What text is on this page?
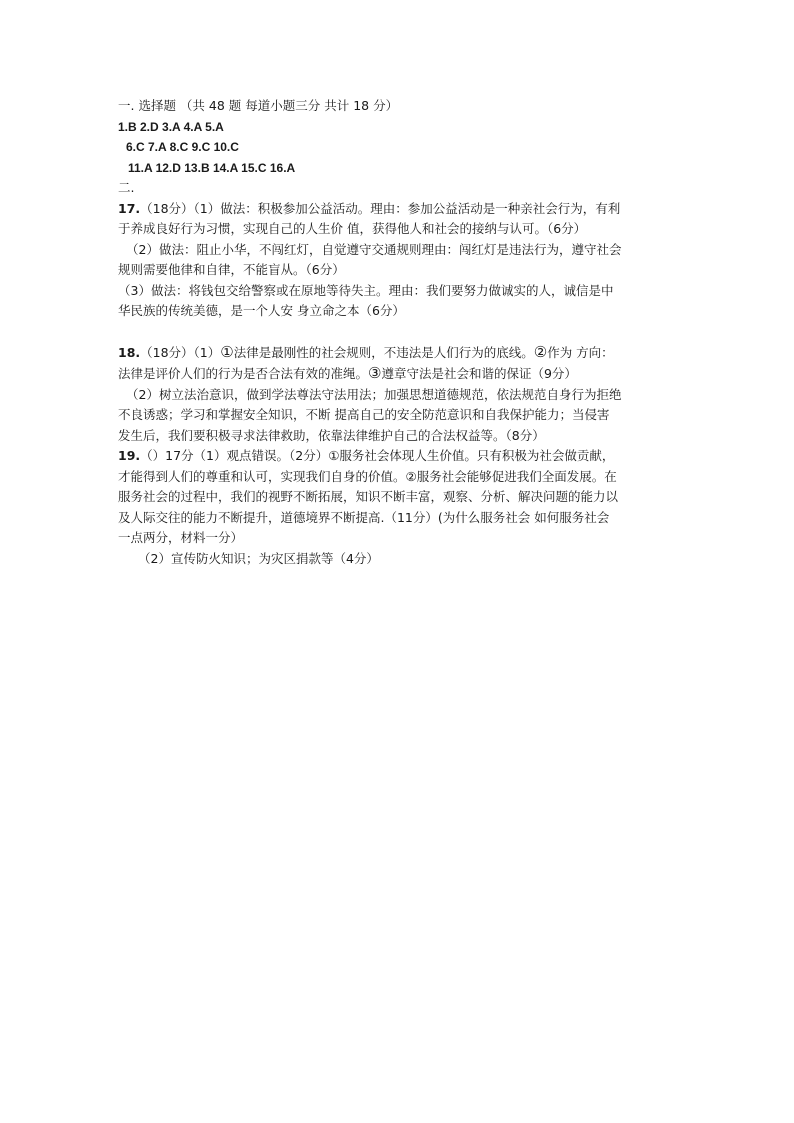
一. 选择题 （共 48 题 每道小题三分 共计 18 分）
1.B 2.D 3.A 4.A 5.A
6.C 7.A 8.C 9.C 10.C
11.A 12.D 13.B 14.A 15.C 16.A
二.
17.（18分）（1）做法：积极参加公益活动。理由：参加公益活动是一种亲社会行为，有利
于养成良好行为习惯，实现自己的人生价 值，获得他人和社会的接纳与认可。（6分）
（2）做法：阻止小华，不闯红灯，自觉遵守交通规则理由：闯红灯是违法行为，遵守社会
规则需要他律和自律，不能盲从。（6分）
（3）做法：将钱包交给警察或在原地等待失主。理由：我们要努力做诚实的人，诚信是中
华民族的传统美德，是一个人安 身立命之本（6分）
18.（18分）（1）①法律是最刚性的社会规则，不违法是人们行为的底线。②作为 方向：
法律是评价人们的行为是否合法有效的准绳。③遵章守法是社会和谐的保证（9分）
（2）树立法治意识，做到学法尊法守法用法；加强思想道德规范，依法规范自身行为拒绝
不良诱惑；学习和掌握安全知识，不断 提高自己的安全防范意识和自我保护能力；当侵害
发生后，我们要积极寻求法律救助，依靠法律维护自己的合法权益等。（8分）
19.（）17分（1）观点错误。（2分）①服务社会体现人生价值。只有积极为社会做贡献，
才能得到人们的尊重和认可，实现我们自身的价值。②服务社会能够促进我们全面发展。在
服务社会的过程中，我们的视野不断拓展，知识不断丰富，观察、分析、解决问题的能力以
及人际交往的能力不断提升，道德境界不断提高.（11分）(为什么服务社会 如何服务社会
一点两分，材料一分）
（2）宣传防火知识；为灾区捐款等（4分）
